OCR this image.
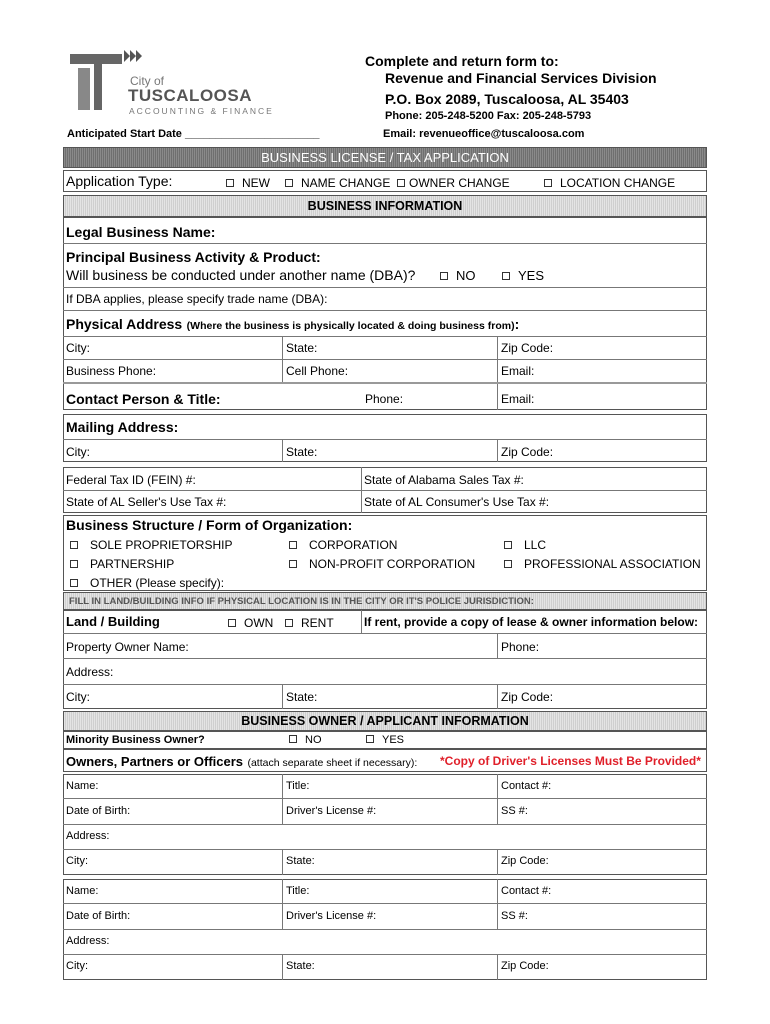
City of
TUSCALOOSA
ACCOUNTING & FINANCE
Complete and return form to:
Revenue and Financial Services Division
P.O. Box 2089, Tuscaloosa, AL 35403
Phone: 205-248-5200 Fax: 205-248-5793
Email: revenueoffice@tuscaloosa.com
Anticipated Start Date ______________________
BUSINESS LICENSE / TAX APPLICATION
Application Type:	NEW	NAME CHANGE	OWNER CHANGE	LOCATION CHANGE
BUSINESS INFORMATION
Legal Business Name:
Principal Business Activity & Product:
Will business be conducted under another name (DBA)?	NO	YES
If DBA applies, please specify trade name (DBA):
Physical Address (Where the business is physically located & doing business from):
City:	State:	Zip Code:
Business Phone:	Cell Phone:	Email:
Contact Person & Title:	Phone:	Email:
Mailing Address:
City:	State:	Zip Code:
Federal Tax ID (FEIN) #:	State of Alabama Sales Tax #:
State of AL Seller's Use Tax #:	State of AL Consumer's Use Tax #:
Business Structure / Form of Organization:
SOLE PROPRIETORSHIP	CORPORATION	LLC
PARTNERSHIP	NON-PROFIT CORPORATION	PROFESSIONAL ASSOCIATION
OTHER (Please specify):
FILL IN LAND/BUILDING INFO IF PHYSICAL LOCATION IS IN THE CITY OR IT'S POLICE JURISDICTION:
Land / Building	OWN	RENT	If rent, provide a copy of lease & owner information below:
Property Owner Name:	Phone:
Address:
City:	State:	Zip Code:
BUSINESS OWNER / APPLICANT INFORMATION
Minority Business Owner?	NO	YES
Owners, Partners or Officers (attach separate sheet if necessary): *Copy of Driver's Licenses Must Be Provided*
Name:	Title:	Contact #:
Date of Birth:	Driver's License #:	SS #:
Address:
City:	State:	Zip Code:
Name:	Title:	Contact #:
Date of Birth:	Driver's License #:	SS #:
Address:
City:	State:	Zip Code:
